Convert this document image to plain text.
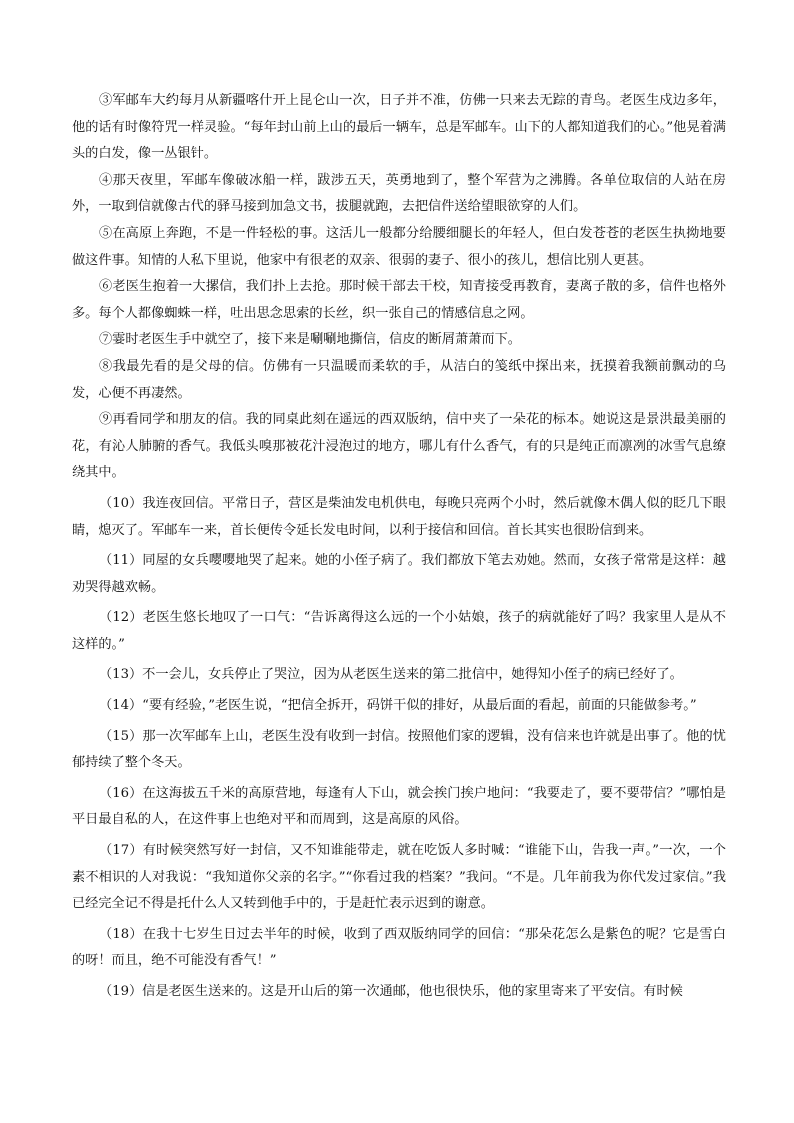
③军邮车大约每月从新疆喀什开上昆仑山一次，日子并不准，仿佛一只来去无踪的青鸟。老医生戍边多年，他的话有时像符咒一样灵验。“每年封山前上山的最后一辆车，总是军邮车。山下的人都知道我们的心。”他晃着满头的白发，像一丛银针。

④那天夜里，军邮车像破冰船一样，跋涉五天，英勇地到了，整个军营为之沸腾。各单位取信的人站在房外，一取到信就像古代的驿马接到加急文书，拔腿就跑，去把信件送给望眼欲穿的人们。

⑤在高原上奔跑，不是一件轻松的事。这活儿一般都分给腰细腿长的年轻人，但白发苍苍的老医生执拗地要做这件事。知情的人私下里说，他家中有很老的双亲、很弱的妻子、很小的孩儿，想信比别人更甚。

⑥老医生抱着一大摞信，我们扑上去抢。那时候干部去干校，知青接受再教育，妻离子散的多，信件也格外多。每个人都像蜘蛛一样，吐出思念思索的长丝，织一张自己的情感信息之网。

⑦霎时老医生手中就空了，接下来是唰唰地撕信，信皮的断屑萧萧而下。

⑧我最先看的是父母的信。仿佛有一只温暖而柔软的手，从洁白的笺纸中探出来，抚摸着我额前飘动的乌发，心便不再凄然。

⑨再看同学和朋友的信。我的同桌此刻在遥远的西双版纳，信中夹了一朵花的标本。她说这是景洪最美丽的花，有沁人肺腑的香气。我低头嗅那被花汁浸泡过的地方，哪儿有什么香气，有的只是纯正而凛冽的冰雪气息缭绕其中。

（10）我连夜回信。平常日子，营区是柴油发电机供电，每晚只亮两个小时，然后就像木偶人似的眨几下眼睛，熄灭了。军邮车一来，首长便传令延长发电时间，以利于接信和回信。首长其实也很盼信到来。

（11）同屋的女兵嘤嘤地哭了起来。她的小侄子病了。我们都放下笔去劝她。然而，女孩子常常是这样：越劝哭得越欢畅。

（12）老医生悠长地叹了一口气：“告诉离得这么远的一个小姑娘，孩子的病就能好了吗？我家里人是从不这样的。”

（13）不一会儿，女兵停止了哭泣，因为从老医生送来的第二批信中，她得知小侄子的病已经好了。

（14）“要有经验，”老医生说，“把信全拆开，码饼干似的排好，从最后面的看起，前面的只能做参考。”

（15）那一次军邮车上山，老医生没有收到一封信。按照他们家的逻辑，没有信来也许就是出事了。他的忧郁持续了整个冬天。

（16）在这海拔五千米的高原营地，每逢有人下山，就会挨门挨户地问：“我要走了，要不要带信？”哪怕是平日最自私的人，在这件事上也绝对平和而周到，这是高原的风俗。

（17）有时候突然写好一封信，又不知谁能带走，就在吃饭人多时喊：“谁能下山，告我一声。”一次，一个素不相识的人对我说：“我知道你父亲的名字。”“你看过我的档案？”我问。“不是。几年前我为你代发过家信。”我已经完全记不得是托什么人又转到他手中的，于是赶忙表示迟到的谢意。

（18）在我十七岁生日过去半年的时候，收到了西双版纳同学的回信：“那朵花怎么是紫色的呢？它是雪白的呀！而且，绝不可能没有香气！”

（19）信是老医生送来的。这是开山后的第一次通邮，他也很快乐，他的家里寄来了平安信。有时候
